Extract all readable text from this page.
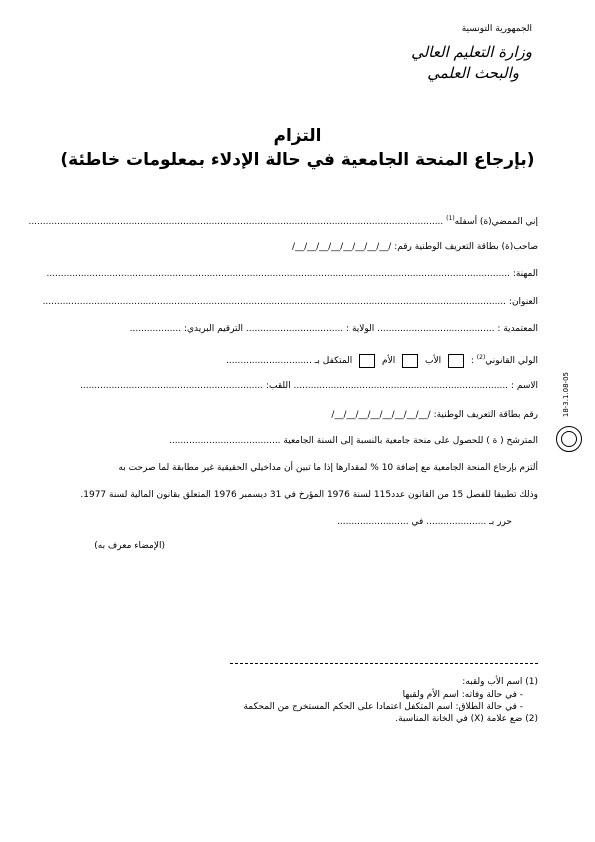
الجمهورية التونسية
وزارة التعليم العالي
والبحث العلمي
التزام
(بإرجاع المنحة الجامعية في حالة الإدلاء بمعلومات خاطئة)
إني الممضي(ة) أسفله$^{(1)}$ .................................................................................................................................................
صاحب(ة) بطاقة التعريف الوطنية رقم: /__/__/__/__/__/__/__/__/
المهنة: ..................................................................................................................................................................
العنوان: ..................................................................................................................................................................
المعتمدية : ......................................... الولاية : .................................. الترقيم البريدي: ..................
الولي القانوني$^{(2)}$ :  الأب  الأم  المتكفل بـ ..............................
الاسم : ........................................................................... اللقب: ................................................................
رقم بطاقة التعريف الوطنية: /__/__/__/__/__/__/__/__/
المترشح ( ة ) للحصول على منحة جامعية بالنسبة إلى السنة الجامعية .......................................
ألتزم بإرجاع المنحة الجامعية مع إضافة 10 % لمقدارها إذا ما تبين أن مداخيلي الحقيقية غير مطابقة لما صرحت به
وذلك تطبيقا للفصل 15 من القانون عدد115 لسنة 1976 المؤرخ في 31 ديسمبر 1976 المتعلق بقانون المالية لسنة 1977.
حرر بـ ..................... في .........................
(الإمضاء معرف به)
18-3.1.08-05
(1) اسم الأب ولقبه:
- في حالة وفاته: اسم الأم ولقبها
- في حالة الطلاق: اسم المتكفل اعتمادا على الحكم المستخرج من المحكمة
(2) ضع علامة (X) في الخانة المناسبة.
